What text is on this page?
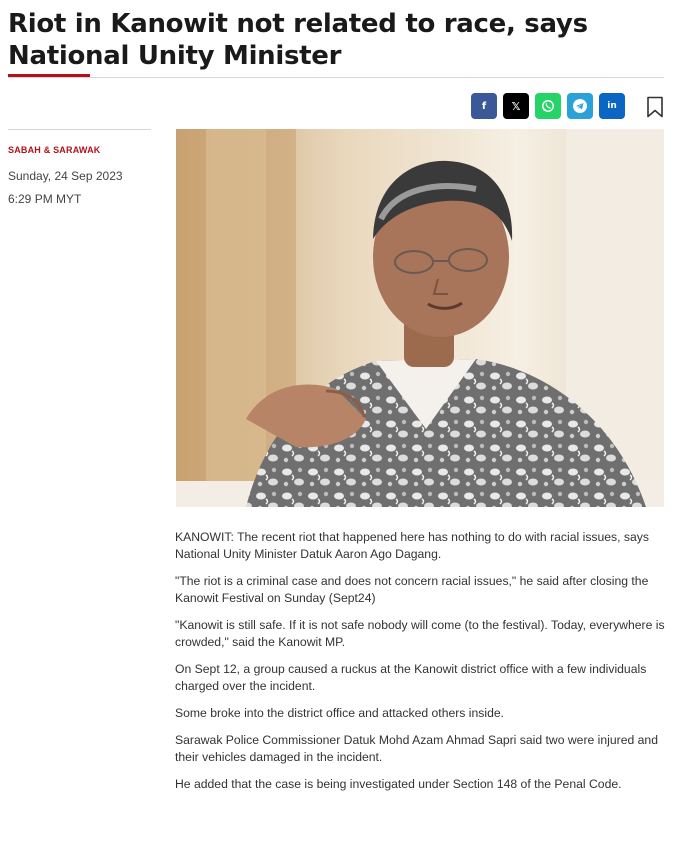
Riot in Kanowit not related to race, says National Unity Minister
f 𝕏	in
SABAH & SARAWAK
Sunday, 24 Sep 2023
6:29 PM MYT

KANOWIT: The recent riot that happened here has nothing to do with racial issues, says National Unity Minister Datuk Aaron Ago Dagang.

"The riot is a criminal case and does not concern racial issues," he said after closing the Kanowit Festival on Sunday (Sept24)

"Kanowit is still safe. If it is not safe nobody will come (to the festival). Today, everywhere is crowded," said the Kanowit MP.

On Sept 12, a group caused a ruckus at the Kanowit district office with a few individuals charged over the incident.

Some broke into the district office and attacked others inside.

Sarawak Police Commissioner Datuk Mohd Azam Ahmad Sapri said two were injured and their vehicles damaged in the incident.

He added that the case is being investigated under Section 148 of the Penal Code.
